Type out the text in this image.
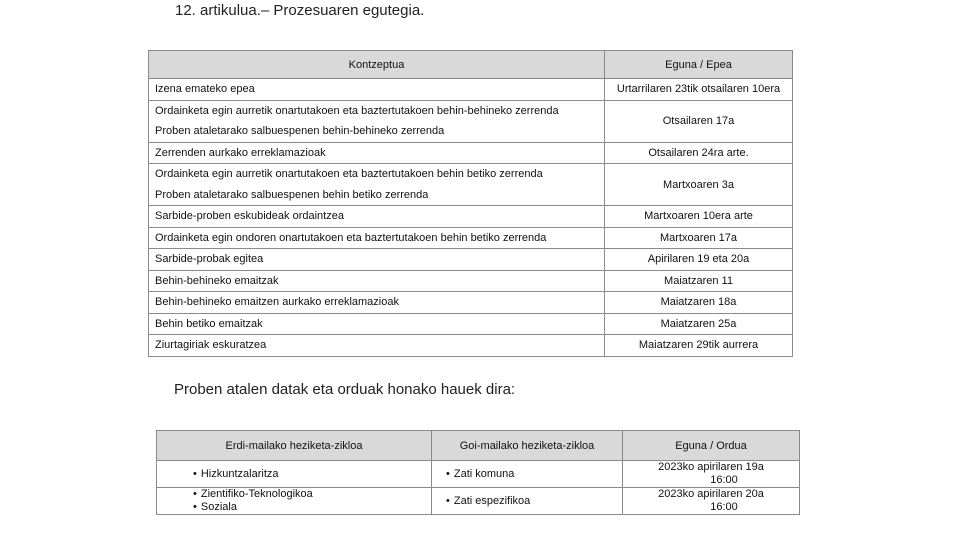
12. artikulua.– Prozesuaren egutegia.
Kontzeptua	Eguna / Epea

Izena emateko epea	Urtarrilaren 23tik otsailaren 10era

Ordainketa egin aurretik onartutakoen eta baztertutakoen behin-behineko zerrenda
Proben ataletarako salbuespenen behin-behineko zerrenda	Otsailaren 17a

Zerrenden aurkako erreklamazioak	Otsailaren 24ra arte.

Ordainketa egin aurretik onartutakoen eta baztertutakoen behin betiko zerrenda
Proben ataletarako salbuespenen behin betiko zerrenda	Martxoaren 3a

Sarbide-proben eskubideak ordaintzea	Martxoaren 10era arte

Ordainketa egin ondoren onartutakoen eta baztertutakoen behin betiko zerrenda	Martxoaren 17a

Sarbide-probak egitea	Apirilaren 19 eta 20a

Behin-behineko emaitzak	Maiatzaren 11

Behin-behineko emaitzen aurkako erreklamazioak	Maiatzaren 18a

Behin betiko emaitzak	Maiatzaren 25a

Ziurtagiriak eskuratzea	Maiatzaren 29tik aurrera
Proben atalen datak eta orduak honako hauek dira:
Erdi-mailako heziketa-zikloa	Goi-mailako heziketa-zikloa	Eguna / Ordua

• Hizkuntzalaritza	• Zati komuna	2023ko apirilaren 19a
16:00

• Zientifiko-Teknologikoa
• Soziala	• Zati espezifikoa	2023ko apirilaren 20a
16:00
